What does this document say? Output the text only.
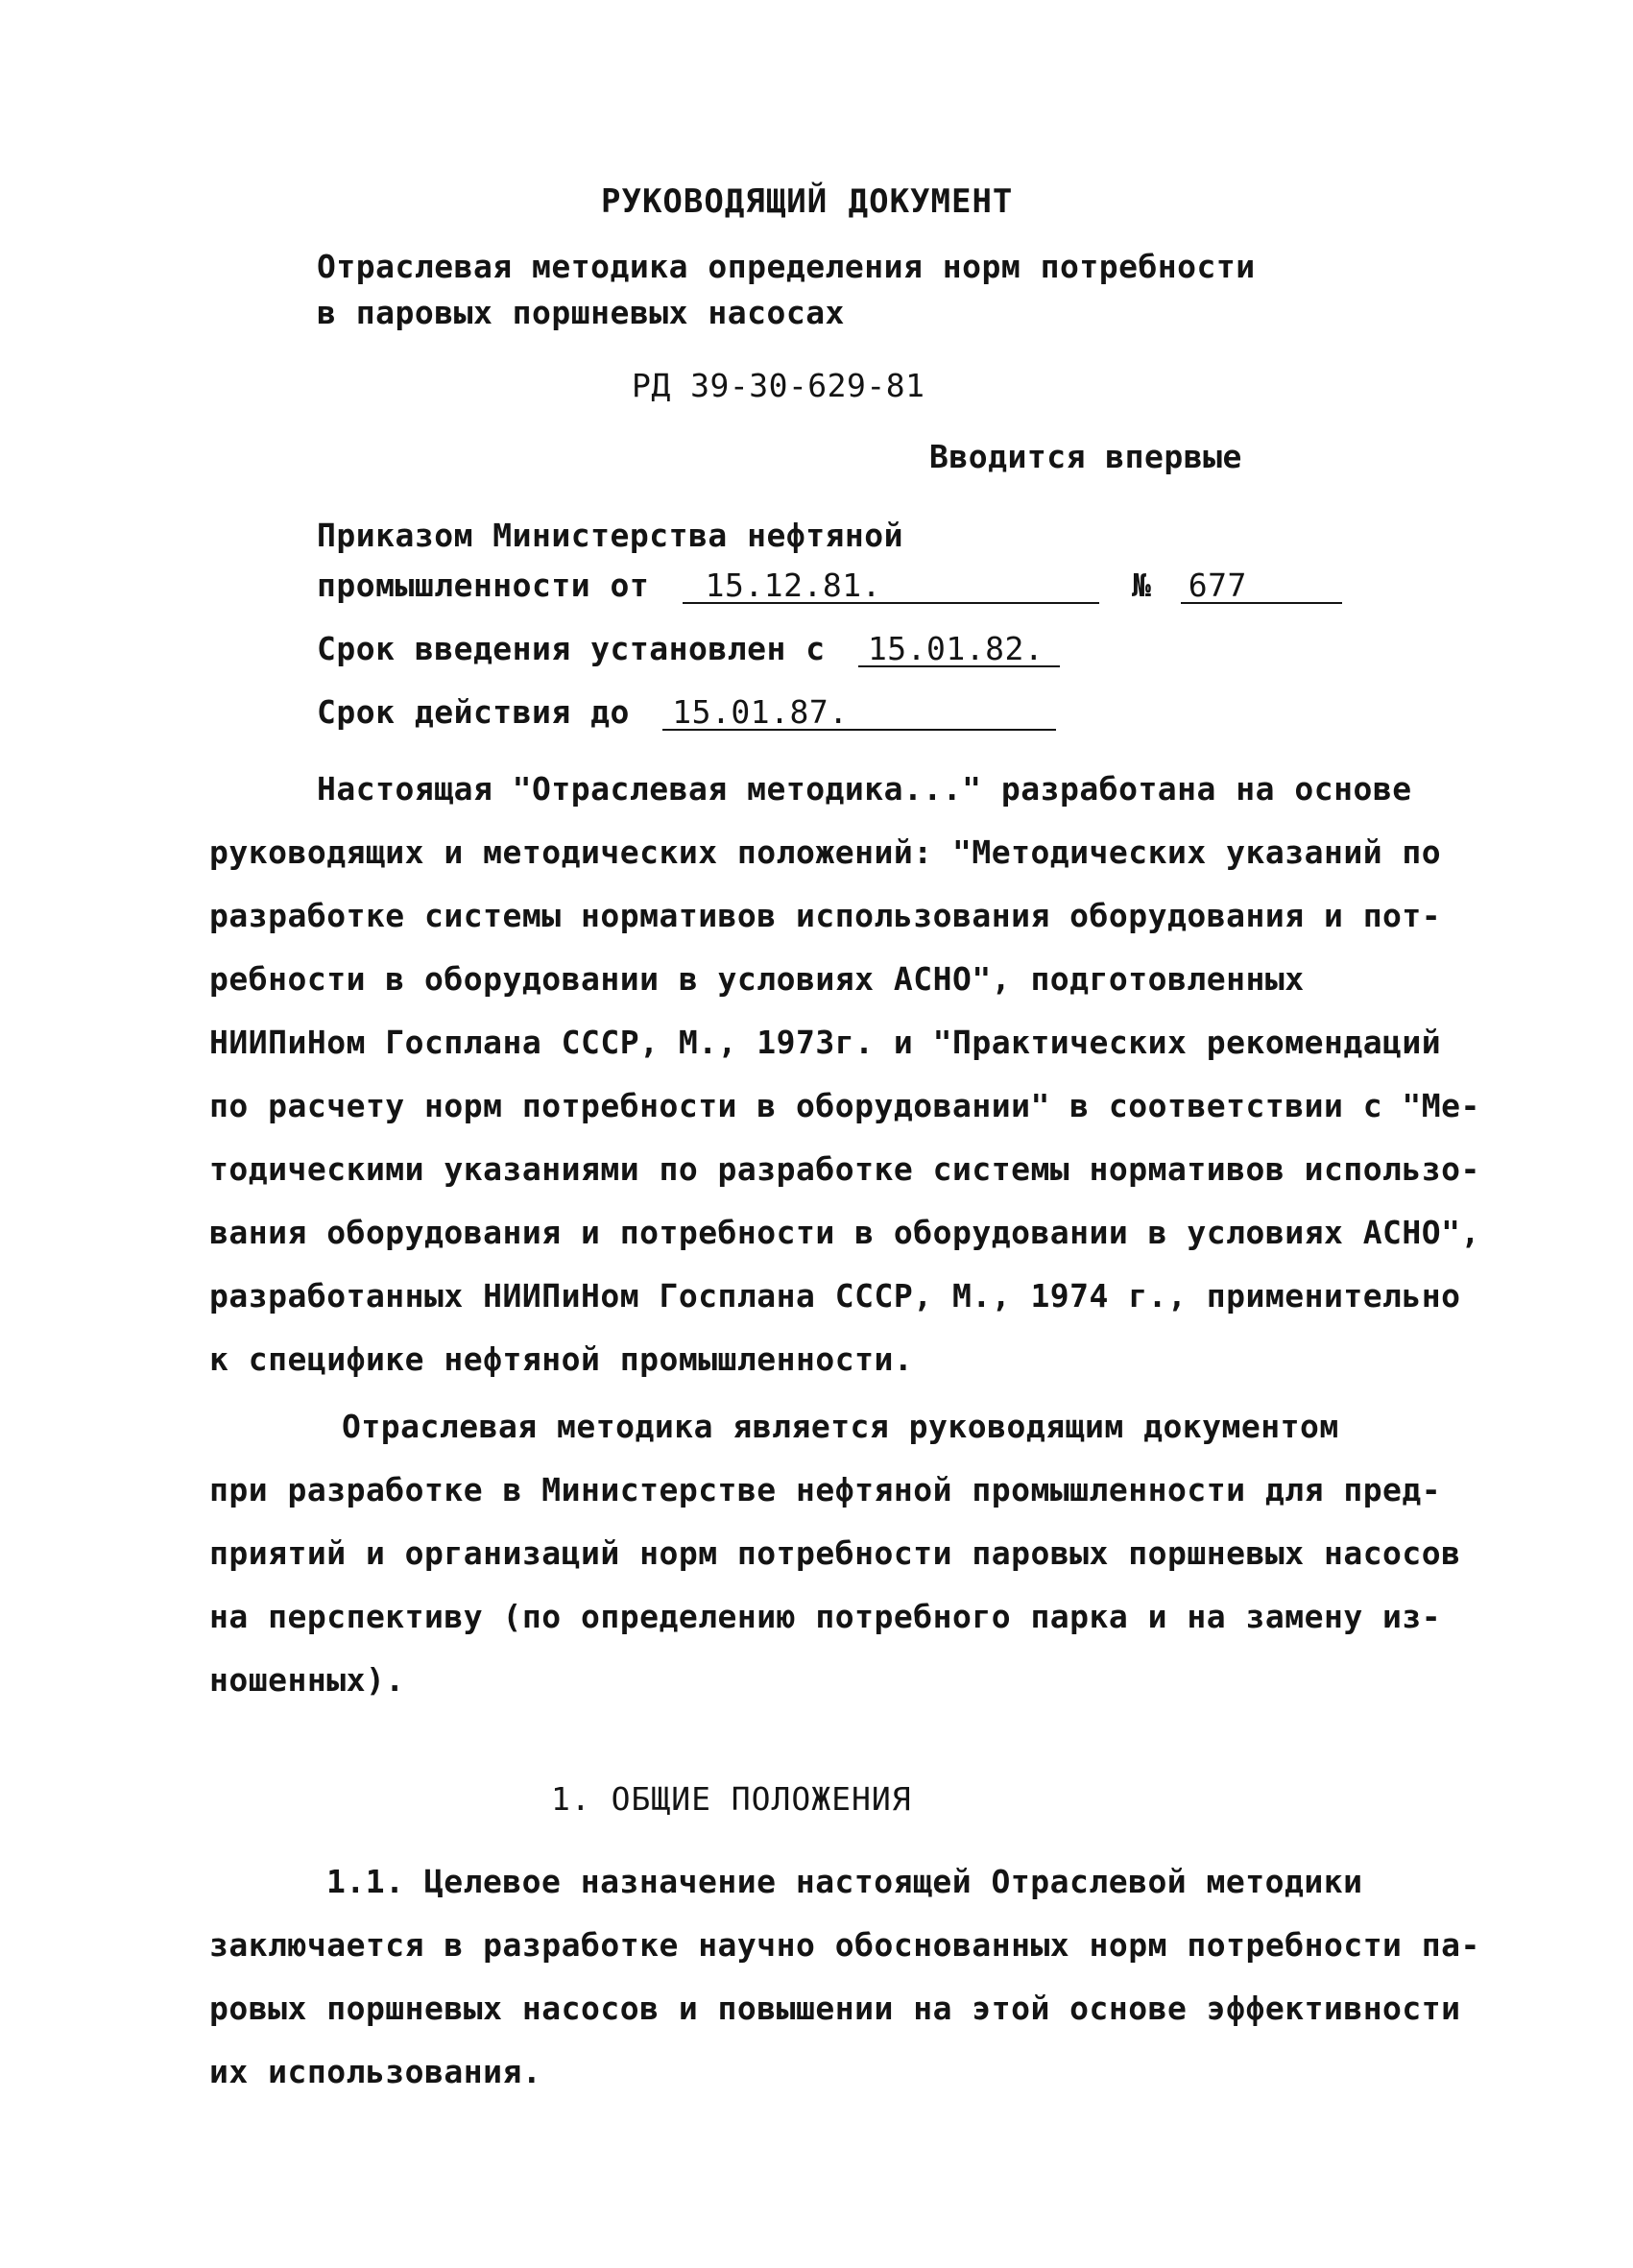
РУКОВОДЯЩИЙ ДОКУМЕНТ
Отраслевая методика определения норм потребности
в паровых поршневых насосах
РД 39-30-629-81
Вводится впервые
Приказом Министерства нефтяной
промышленности от 15.12.81.	№ 677
Срок введения установлен с 15.01.82.
Срок действия до 15.01.87.
Настоящая "Отраслевая методика..." разработана на основе
руководящих и методических положений: "Методических указаний по
разработке системы нормативов использования оборудования и пот-
ребности в оборудовании в условиях АСНО", подготовленных
НИИПиНом Госплана СССР, М., 1973г. и "Практических рекомендаций
по расчету норм потребности в оборудовании" в соответствии с "Ме-
тодическими указаниями по разработке системы нормативов использо-
вания оборудования и потребности в оборудовании в условиях АСНО",
разработанных НИИПиНом Госплана СССР, М., 1974 г., применительно
к специфике нефтяной промышленности.
Отраслевая методика является руководящим документом
при разработке в Министерстве нефтяной промышленности для пред-
приятий и организаций норм потребности паровых поршневых насосов
на перспективу (по определению потребного парка и на замену из-
ношенных).
1. ОБЩИЕ ПОЛОЖЕНИЯ
1.1. Целевое назначение настоящей Отраслевой методики
заключается в разработке научно обоснованных норм потребности па-
ровых поршневых насосов и повышении на этой основе эффективности
их использования.
